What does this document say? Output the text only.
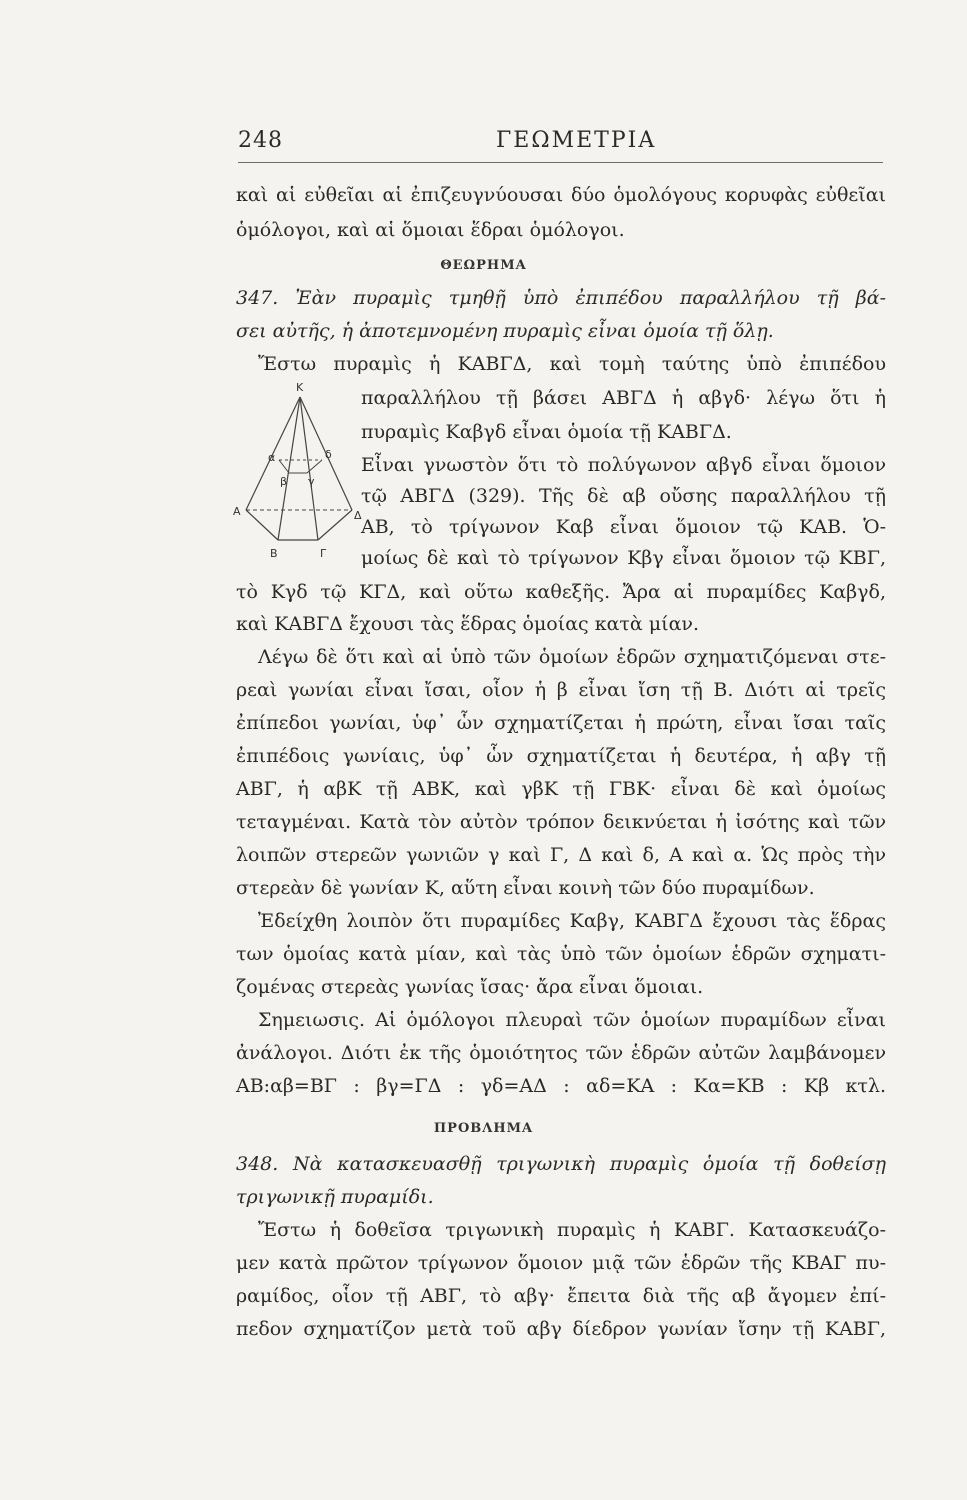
248	ΓΕΩΜΕΤΡΙΑ
καὶ αἱ εὐθεῖαι αἱ ἐπιζευγνύουσαι δύο ὁμολόγους κορυφὰς εὐθεῖαι
ὁμόλογοι, καὶ αἱ ὅμοιαι ἕδραι ὁμόλογοι.
ΘΕΩΡΗΜΑ
347. Ἐὰν πυραμὶς τμηθῇ ὑπὸ ἐπιπέδου παραλλήλου τῇ βά-
σει αὐτῆς, ἡ ἀποτεμνομένη πυραμὶς εἶναι ὁμοία τῇ ὅλῃ.
Ἔστω πυραμὶς ἡ ΚΑΒΓΔ, καὶ τομὴ ταύτης ὑπὸ ἐπιπέδου
Κ
α
β γ
δ
Α
Β	Γ
Δ
παραλλήλου τῇ βάσει ΑΒΓΔ ἡ αβγδ· λέγω ὅτι ἡ
πυραμὶς Καβγδ εἶναι ὁμοία τῇ ΚΑΒΓΔ.
Εἶναι γνωστὸν ὅτι τὸ πολύγωνον αβγδ εἶναι ὅμοιον
τῷ ΑΒΓΔ (329). Τῆς δὲ αβ οὔσης παραλλήλου τῇ
ΑΒ, τὸ τρίγωνον Καβ εἶναι ὅμοιον τῷ ΚΑΒ. Ὁ-
μοίως δὲ καὶ τὸ τρίγωνον Κβγ εἶναι ὅμοιον τῷ ΚΒΓ,
τὸ Κγδ τῷ ΚΓΔ, καὶ οὕτω καθεξῆς. Ἄρα αἱ πυραμίδες Καβγδ,
καὶ ΚΑΒΓΔ ἔχουσι τὰς ἕδρας ὁμοίας κατὰ μίαν.
Λέγω δὲ ὅτι καὶ αἱ ὑπὸ τῶν ὁμοίων ἑδρῶν σχηματιζόμεναι στε-
ρεαὶ γωνίαι εἶναι ἴσαι, οἷον ἡ β εἶναι ἴση τῇ Β. Διότι αἱ τρεῖς
ἐπίπεδοι γωνίαι, ὑφ᾿ ὧν σχηματίζεται ἡ πρώτη, εἶναι ἴσαι ταῖς
ἐπιπέδοις γωνίαις, ὑφ᾿ ὧν σχηματίζεται ἡ δευτέρα, ἡ αβγ τῇ
ΑΒΓ, ἡ αβΚ τῇ ΑΒΚ, καὶ γβΚ τῇ ΓΒΚ· εἶναι δὲ καὶ ὁμοίως
τεταγμέναι. Κατὰ τὸν αὐτὸν τρόπον δεικνύεται ἡ ἰσότης καὶ τῶν
λοιπῶν στερεῶν γωνιῶν γ καὶ Γ, Δ καὶ δ, Α καὶ α. Ὡς πρὸς τὴν
στερεὰν δὲ γωνίαν Κ, αὕτη εἶναι κοινὴ τῶν δύο πυραμίδων.
Ἐδείχθη λοιπὸν ὅτι πυραμίδες Καβγ, ΚΑΒΓΔ ἔχουσι τὰς ἕδρας
των ὁμοίας κατὰ μίαν, καὶ τὰς ὑπὸ τῶν ὁμοίων ἑδρῶν σχηματι-
ζομένας στερεὰς γωνίας ἴσας· ἄρα εἶναι ὅμοιαι.
Σημειωσις. Αἱ ὁμόλογοι πλευραὶ τῶν ὁμοίων πυραμίδων εἶναι
ἀνάλογοι. Διότι ἐκ τῆς ὁμοιότητος τῶν ἑδρῶν αὐτῶν λαμβάνομεν
ΑΒ:αβ=ΒΓ : βγ=ΓΔ : γδ=ΑΔ : αδ=ΚΑ : Κα=ΚΒ : Κβ κτλ.
ΠΡΟΒΛΗΜΑ
348. Νὰ κατασκευασθῇ τριγωνικὴ πυραμὶς ὁμοία τῇ δοθείσῃ
τριγωνικῇ πυραμίδι.
Ἔστω ἡ δοθεῖσα τριγωνικὴ πυραμὶς ἡ ΚΑΒΓ. Κατασκευάζο-
μεν κατὰ πρῶτον τρίγωνον ὅμοιον μιᾷ τῶν ἑδρῶν τῆς ΚΒΑΓ πυ-
ραμίδος, οἷον τῇ ΑΒΓ, τὸ αβγ· ἔπειτα διὰ τῆς αβ ἄγομεν ἐπί-
πεδον σχηματίζον μετὰ τοῦ αβγ δίεδρον γωνίαν ἴσην τῇ ΚΑΒΓ,
